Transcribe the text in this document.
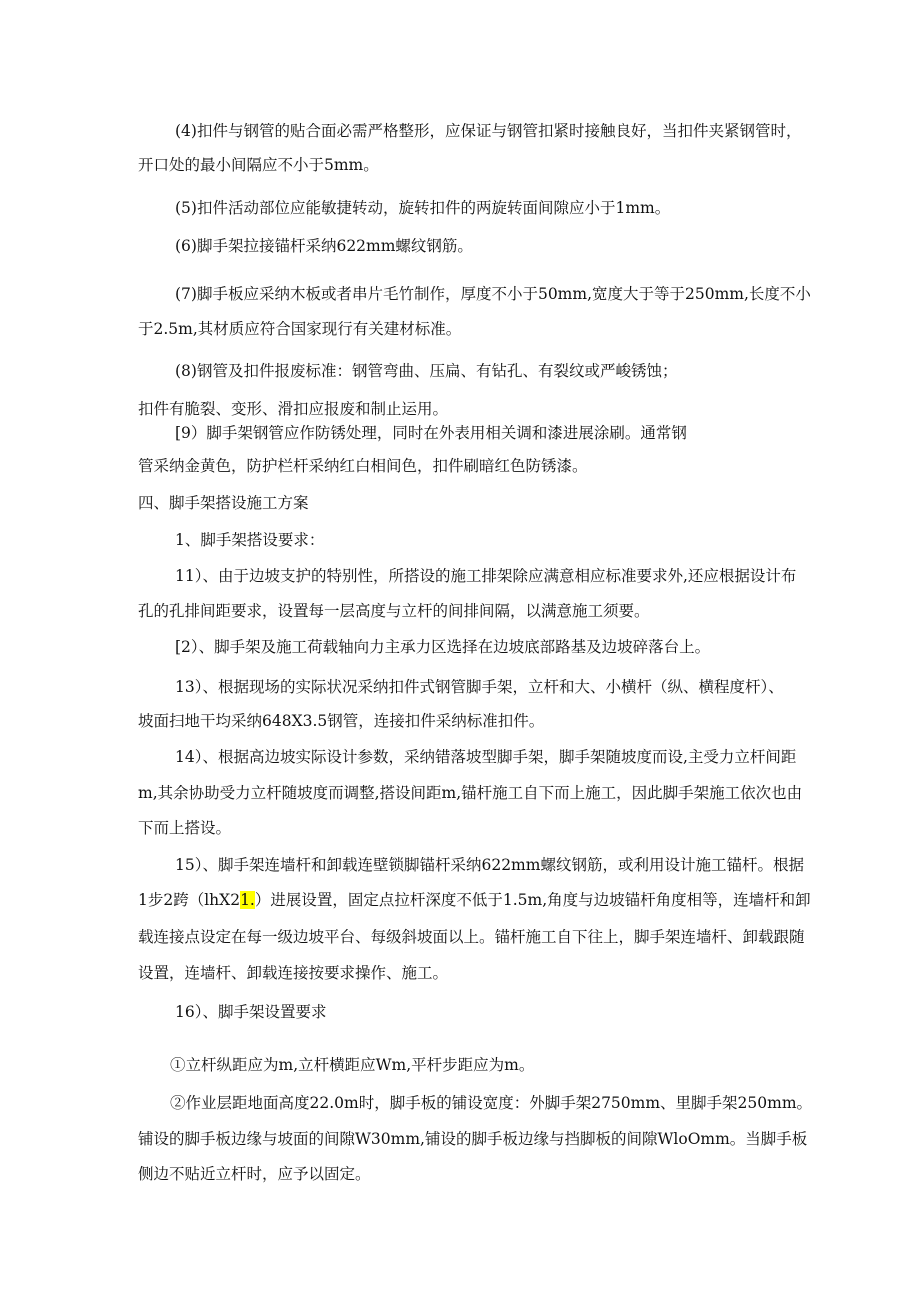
(4)扣件与钢管的贴合面必需严格整形，应保证与钢管扣紧时接触良好，当扣件夹紧钢管时，
开口处的最小间隔应不小于5mm。
(5)扣件活动部位应能敏捷转动，旋转扣件的两旋转面间隙应小于1mm。
(6)脚手架拉接锚杆采纳622mm螺纹钢筋。
(7)脚手板应采纳木板或者串片毛竹制作，厚度不小于50mm,宽度大于等于250mm,长度不小
于2.5m,其材质应符合国家现行有关建材标准。
(8)钢管及扣件报废标准：钢管弯曲、压扁、有钻孔、有裂纹或严峻锈蚀；
扣件有脆裂、变形、滑扣应报废和制止运用。
[9）脚手架钢管应作防锈处理，同时在外表用相关调和漆进展涂刷。通常钢
管采纳金黄色，防护栏杆采纳红白相间色，扣件刷暗红色防锈漆。
四、脚手架搭设施工方案
1、脚手架搭设要求：
11）、由于边坡支护的特别性，所搭设的施工排架除应满意相应标准要求外,还应根据设计布
孔的孔排间距要求，设置每一层高度与立杆的间排间隔，以满意施工须要。
[2）、脚手架及施工荷载轴向力主承力区选择在边坡底部路基及边坡碎落台上。
13）、根据现场的实际状况采纳扣件式钢管脚手架，立杆和大、小横杆（纵、横程度杆）、
坡面扫地干均采纳648X3.5钢管，连接扣件采纳标准扣件。
14）、根据高边坡实际设计参数，采纳错落坡型脚手架，脚手架随坡度而设,主受力立杆间距
m,其余协助受力立杆随坡度而调整,搭设间距m,锚杆施工自下而上施工，因此脚手架施工依次也由
下而上搭设。
15）、脚手架连墙杆和卸载连壁锁脚锚杆采纳622mm螺纹钢筋，或利用设计施工锚杆。根据
1步2跨（lhX21.）进展设置，固定点拉杆深度不低于1.5m,角度与边坡锚杆角度相等，连墙杆和卸
载连接点设定在每一级边坡平台、每级斜坡面以上。锚杆施工自下往上，脚手架连墙杆、卸载跟随
设置，连墙杆、卸载连接按要求操作、施工。
16）、脚手架设置要求
①立杆纵距应为m,立杆横距应Wm,平杆步距应为m。
②作业层距地面高度22.0m时，脚手板的铺设宽度：外脚手架2750mm、里脚手架250mm。
铺设的脚手板边缘与坡面的间隙W30mm,铺设的脚手板边缘与挡脚板的间隙WloOmm。当脚手板
侧边不贴近立杆时，应予以固定。
